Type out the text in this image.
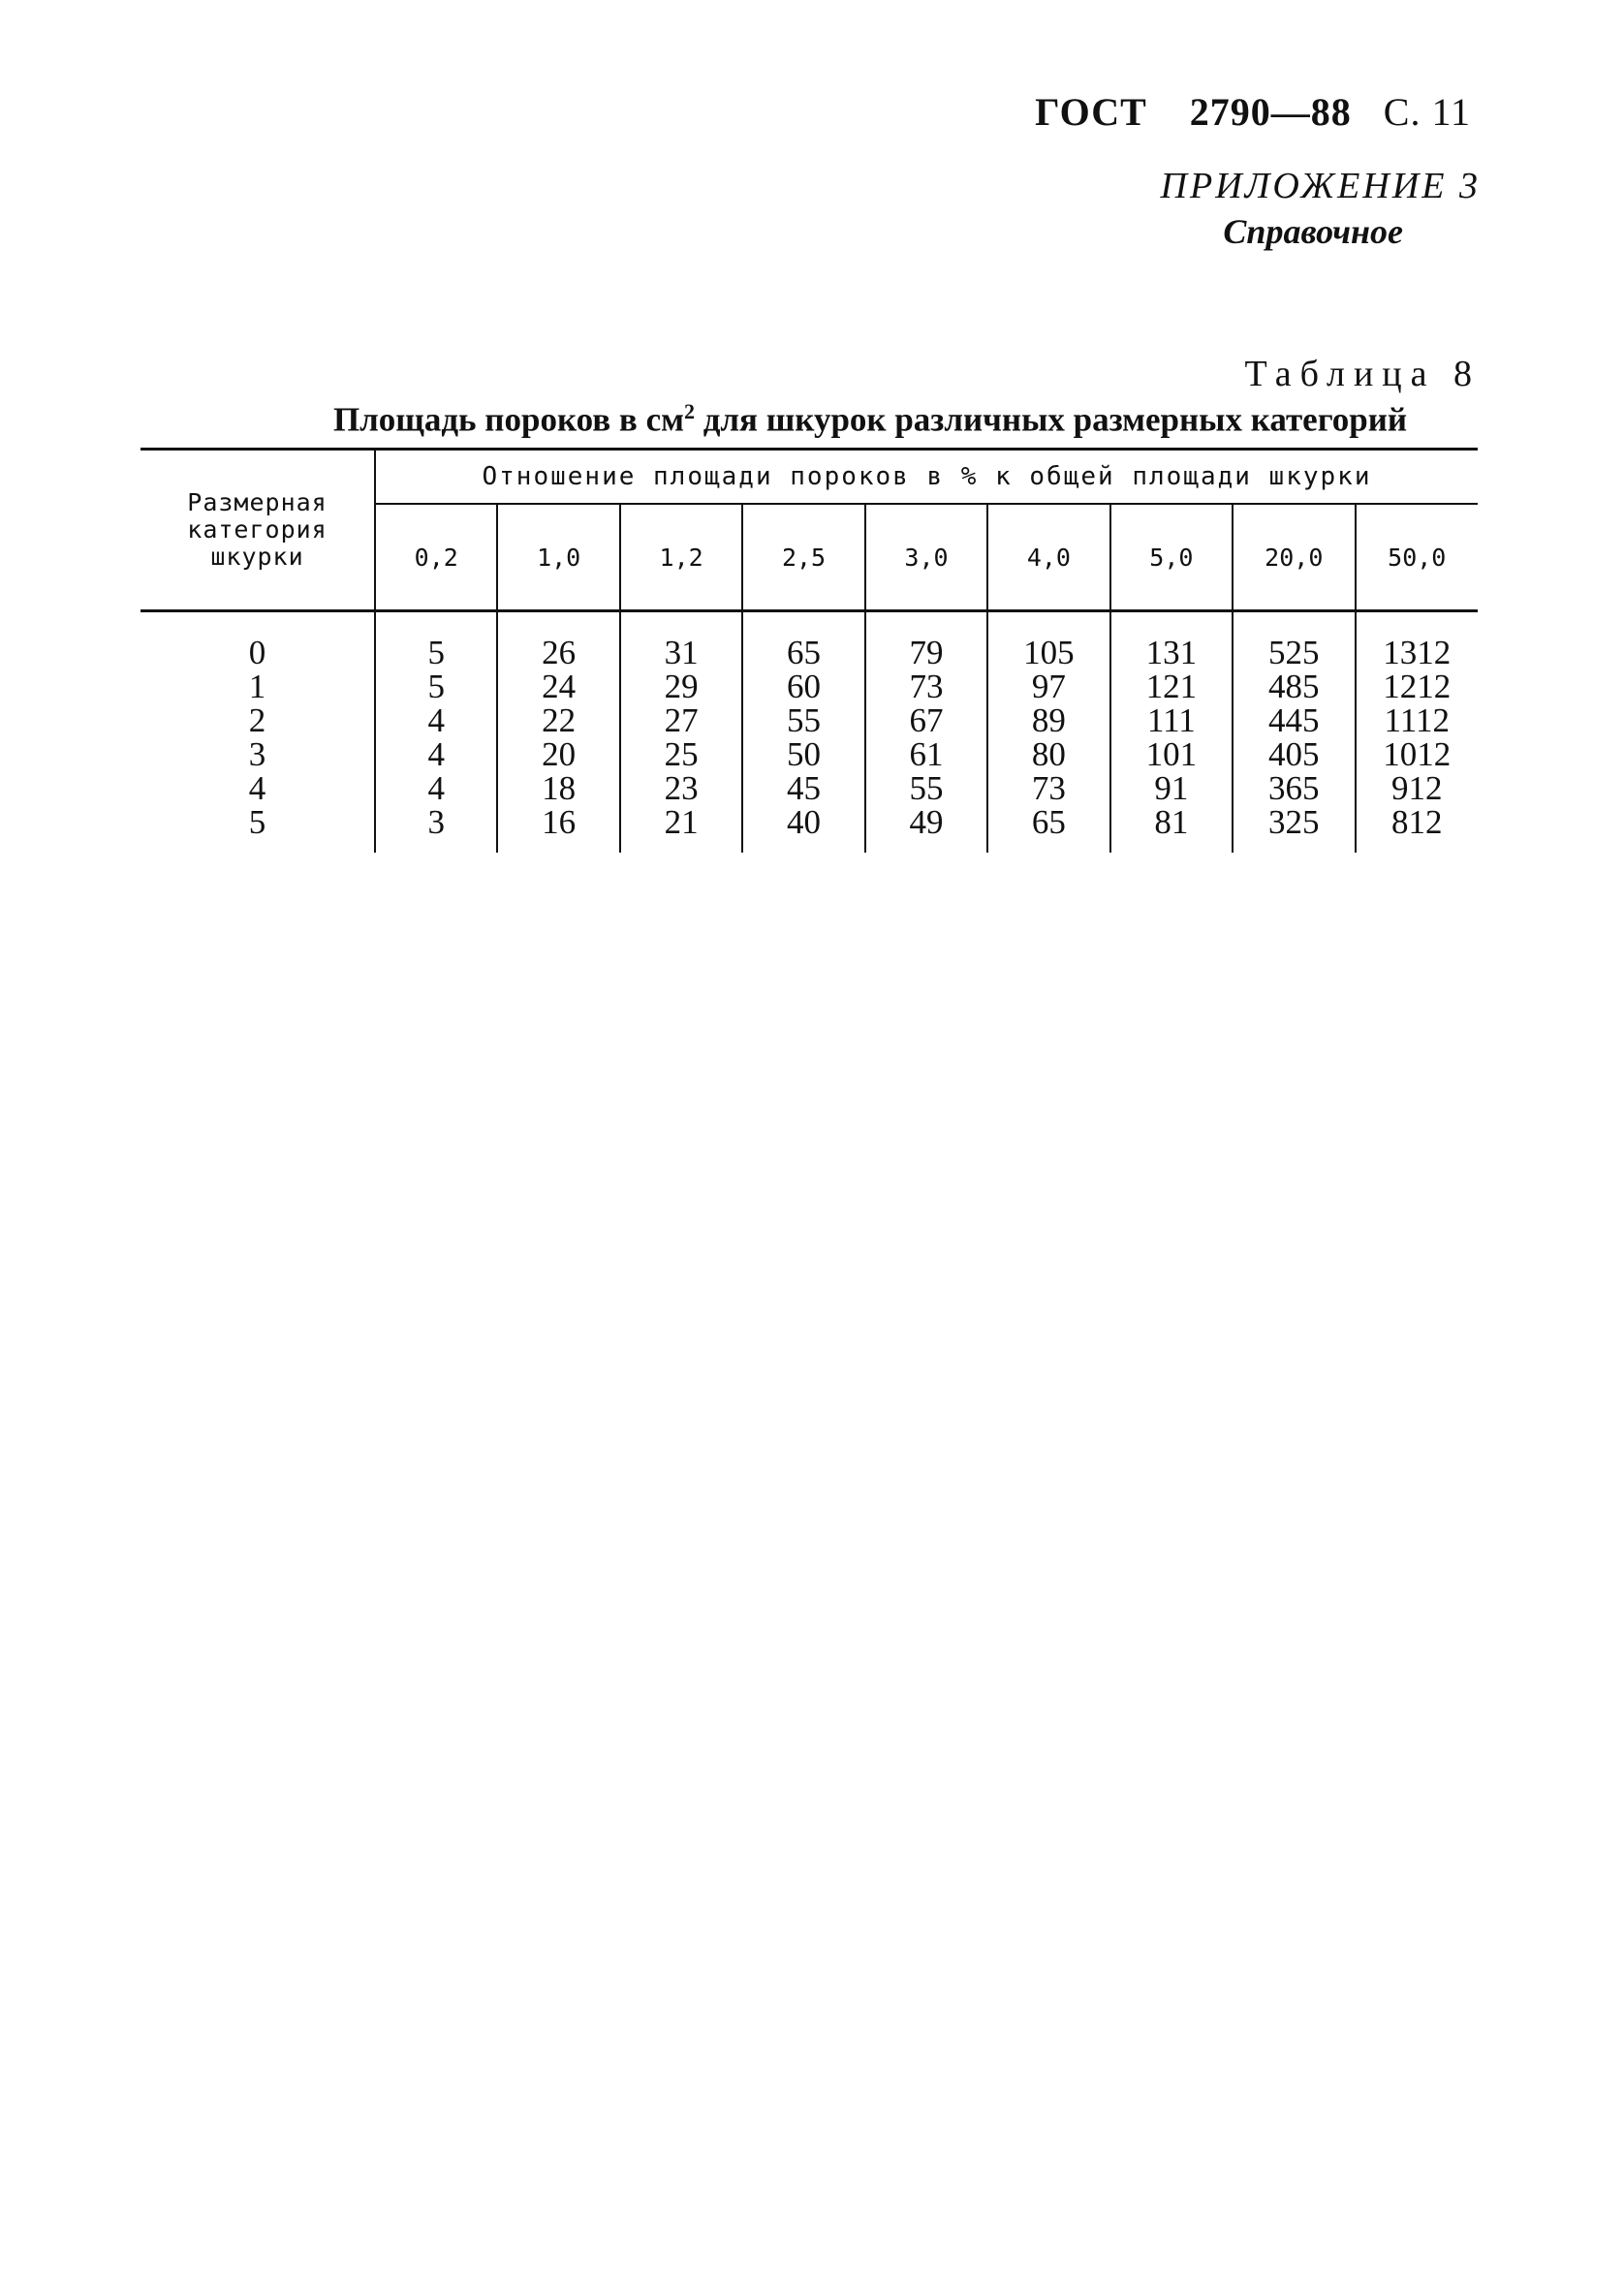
ГОСТ 2790—88 С. 11
ПРИЛОЖЕНИЕ 3
Справочное
Таблица 8
Площадь пороков в $см^2$ для шкурок различных размерных категорий
Размерная
категория
шкурки	Отношение площади пороков в % к общей площади шкурки								
	0,2	1,0	1,2	2,5	3,0	4,0	5,0	20,0	50,0
0	5	26	31	65	79	105	131	525	1312
1	5	24	29	60	73	97	121	485	1212
2	4	22	27	55	67	89	111	445	1112
3	4	20	25	50	61	80	101	405	1012
4	4	18	23	45	55	73	91	365	912
5	3	16	21	40	49	65	81	325	812
